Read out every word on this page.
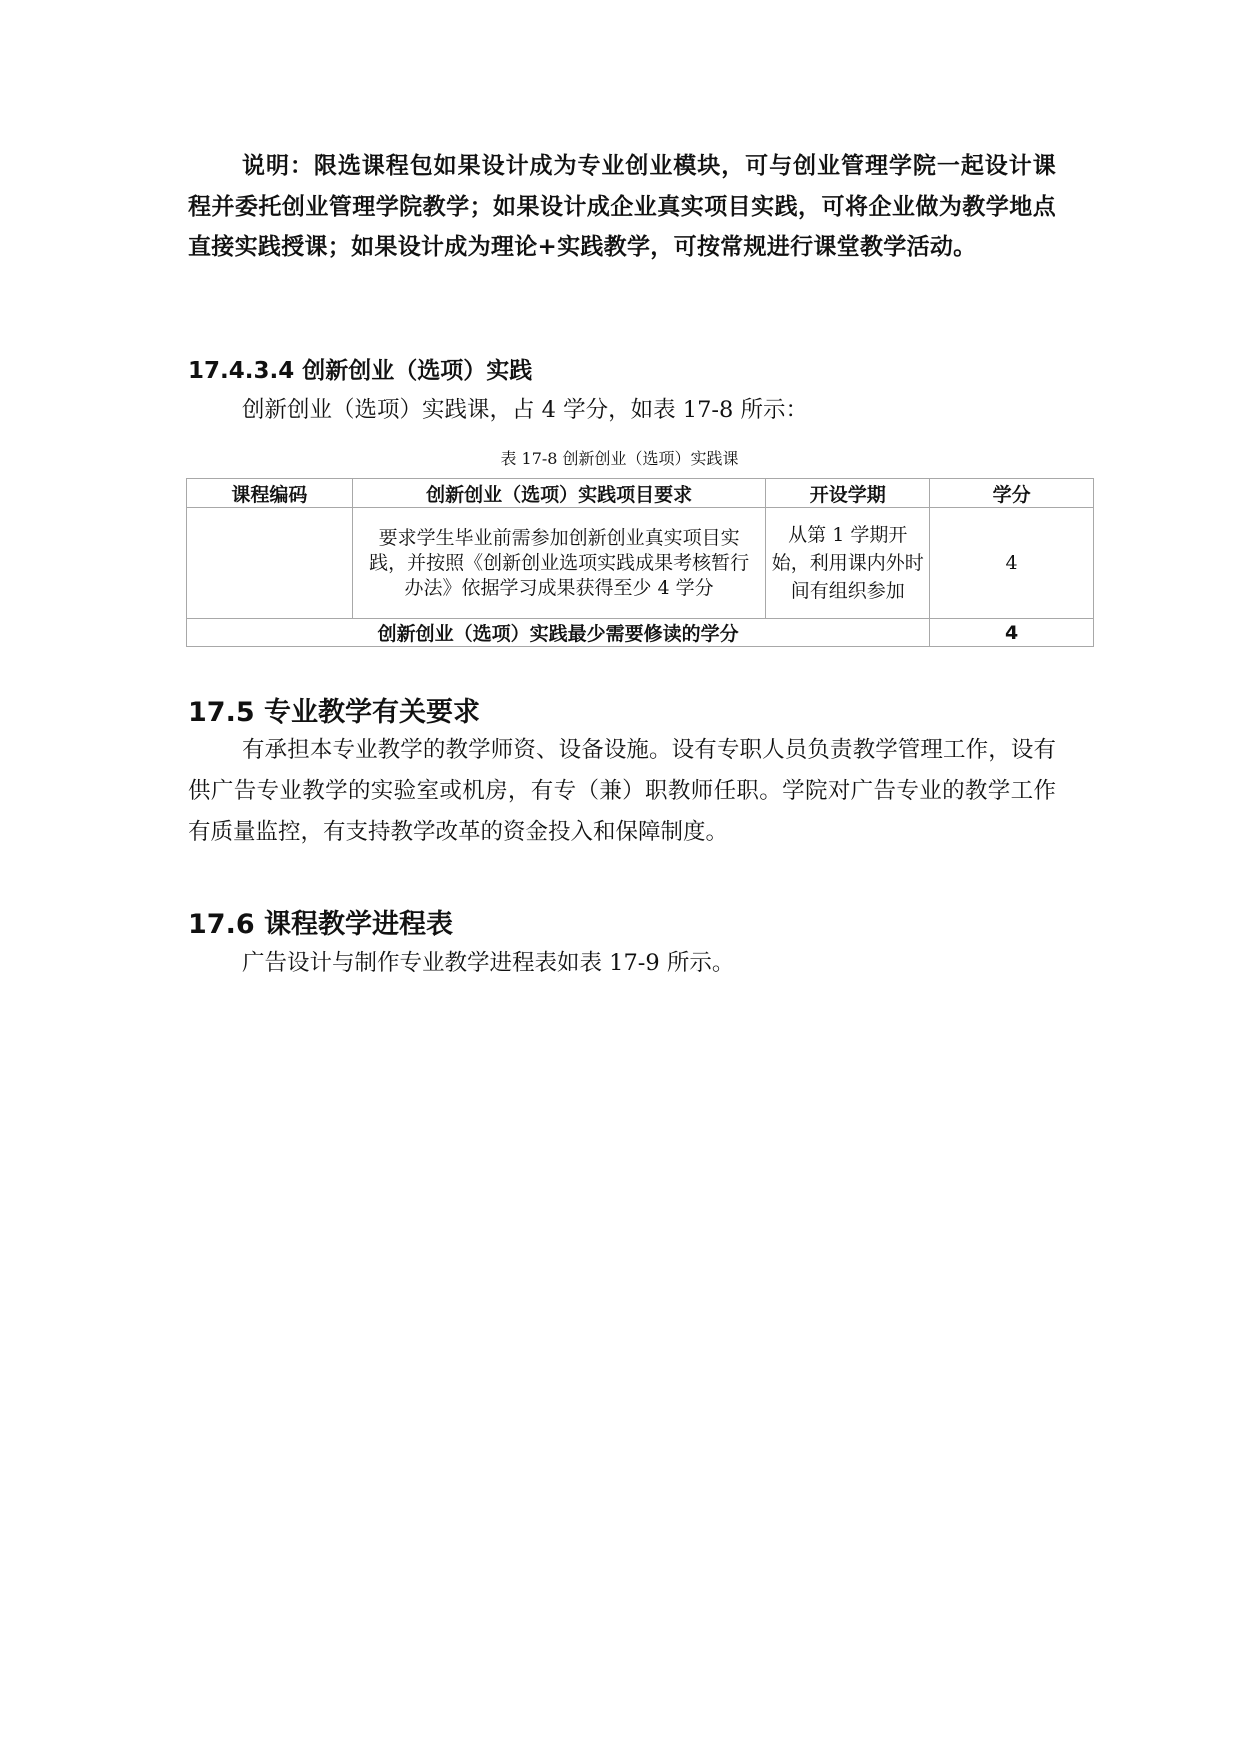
说明：限选课程包如果设计成为专业创业模块，可与创业管理学院一起设计课程并委托创业管理学院教学；如果设计成企业真实项目实践，可将企业做为教学地点直接实践授课；如果设计成为理论+实践教学，可按常规进行课堂教学活动。

17.4.3.4 创新创业（选项）实践

创新创业（选项）实践课，占 4 学分，如表 17-8 所示：

表 17-8 创新创业（选项）实践课

课程编码	创新创业（选项）实践项目要求	开设学期	学分
	要求学生毕业前需参加创新创业真实项目实践，并按照《创新创业选项实践成果考核暂行办法》依据学习成果获得至少 4 学分	从第 1 学期开始，利用课内外时间有组织参加	4
创新创业（选项）实践最少需要修读的学分			4
17.5 专业教学有关要求

有承担本专业教学的教学师资、设备设施。设有专职人员负责教学管理工作，设有供广告专业教学的实验室或机房，有专（兼）职教师任职。学院对广告专业的教学工作有质量监控，有支持教学改革的资金投入和保障制度。

17.6 课程教学进程表

广告设计与制作专业教学进程表如表 17-9 所示。
